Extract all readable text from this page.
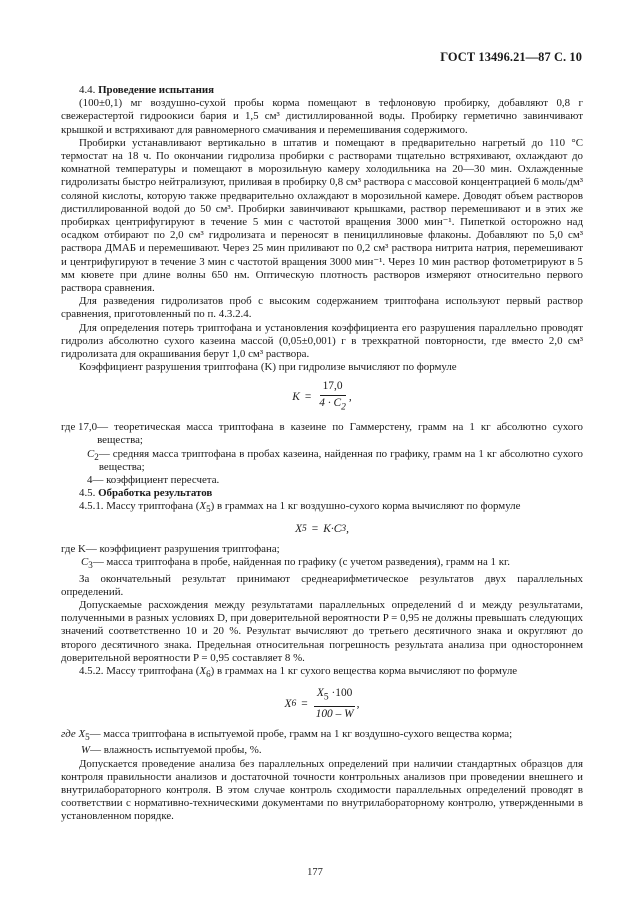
ГОСТ 13496.21—87 С. 10

4.4. Проведение испытания

(100±0,1) мг воздушно-сухой пробы корма помещают в тефлоновую пробирку, добавляют 0,8 г свежерастертой гидроокиси бария и 1,5 см³ дистиллированной воды. Пробирку герметично завинчивают крышкой и встряхивают для равномерного смачивания и перемешивания содержимого.

Пробирки устанавливают вертикально в штатив и помещают в предварительно нагретый до 110 °С термостат на 18 ч. По окончании гидролиза пробирки с растворами тщательно встряхивают, охлаждают до комнатной температуры и помещают в морозильную камеру холодильника на 20—30 мин. Охлажденные гидролизаты быстро нейтрализуют, приливая в пробирку 0,8 см³ раствора с массовой концентрацией 6 моль/дм³ соляной кислоты, которую также предварительно охлаждают в морозильной камере. Доводят объем растворов дистиллированной водой до 50 см³. Пробирки завинчивают крышками, раствор перемешивают и в этих же пробирках центрифугируют в течение 5 мин с частотой вращения 3000 мин⁻¹. Пипеткой осторожно над осадком отбирают по 2,0 см³ гидролизата и переносят в пенициллиновые флаконы. Добавляют по 5,0 см³ раствора ДМАБ и перемешивают. Через 25 мин приливают по 0,2 см³ раствора нитрита натрия, перемешивают и центрифугируют в течение 3 мин с частотой вращения 3000 мин⁻¹. Через 10 мин раствор фотометрируют в 5 мм кювете при длине волны 650 нм. Оптическую плотность растворов измеряют относительно первого раствора сравнения.

Для разведения гидролизатов проб с высоким содержанием триптофана используют первый раствор сравнения, приготовленный по п. 4.3.2.4.

Для определения потерь триптофана и установления коэффициента его разрушения параллельно проводят гидролиз абсолютно сухого казеина массой (0,05±0,001) г в трехкратной повторности, где вместо 2,0 см³ гидролизата для окрашивания берут 1,0 см³ раствора.

Коэффициент разрушения триптофана (K) при гидролизе вычисляют по формуле

$K = \frac{17,0}{4 \cdot C_2}$ ,
где 17,0 — теоретическая масса триптофана в казеине по Гаммерстену, грамм на 1 кг абсолютно сухого вещества;
$C_2$ — средняя масса триптофана в пробах казеина, найденная по графику, грамм на 1 кг абсолютно сухого вещества;
4 — коэффициент пересчета.

4.5. Обработка результатов

4.5.1. Массу триптофана $(X_5)$ в граммах на 1 кг воздушно-сухого корма вычисляют по формуле

X 5 = K · C 3 ,
где K — коэффициент разрушения триптофана;
$C_3$ — масса триптофана в пробе, найденная по графику (с учетом разведения), грамм на 1 кг.

За окончательный результат принимают среднеарифметическое результатов двух параллельных определений.

Допускаемые расхождения между результатами параллельных определений d и между результатами, полученными в разных условиях D, при доверительной вероятности P = 0,95 не должны превышать следующих значений соответственно 10 и 20 %. Результат вычисляют до третьего десятичного знака и округляют до второго десятичного знака. Предельная относительная погрешность результата анализа при одностороннем доверительной вероятности P = 0,95 составляет 8 %.

4.5.2. Массу триптофана $(X_6)$ в граммах на 1 кг сухого вещества корма вычисляют по формуле

X $6 = \frac{X_5 \cdot 100}{100 - W}$ ,
где $X_5$ — масса триптофана в испытуемой пробе, грамм на 1 кг воздушно-сухого вещества корма;
W — влажность испытуемой пробы, %.

Допускается проведение анализа без параллельных определений при наличии стандартных образцов для контроля правильности анализов и достаточной точности контрольных анализов при проведении внешнего и внутрилабораторного контроля. В этом случае контроль сходимости параллельных определений проводят в соответствии с нормативно-техническими документами по внутрилабораторному контролю, утвержденными в установленном порядке.

177
